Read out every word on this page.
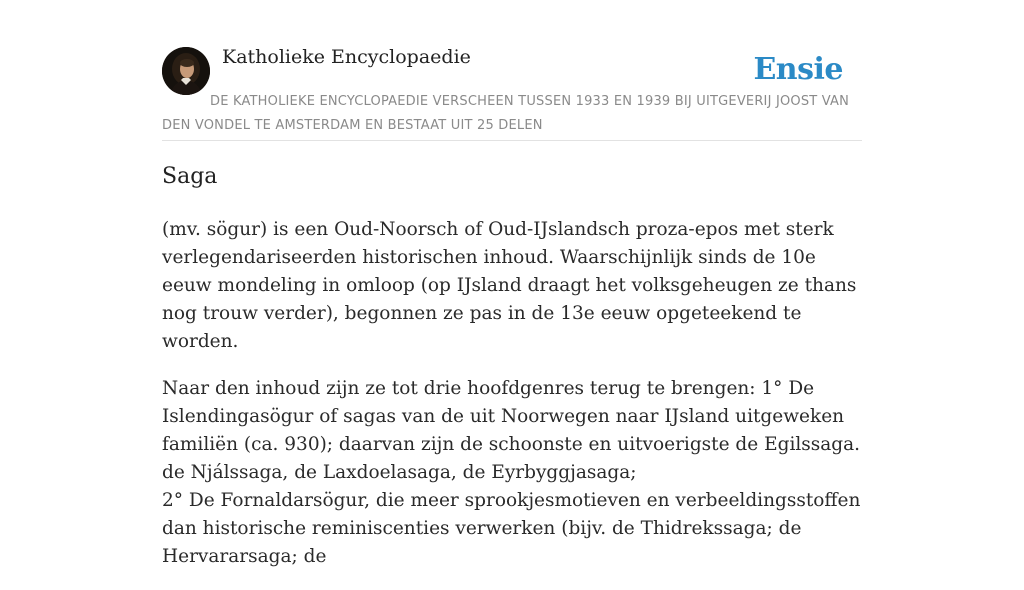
Katholieke Encyclopaedie	Ensie
DE KATHOLIEKE ENCYCLOPAEDIE VERSCHEEN TUSSEN 1933 EN 1939 BIJ UITGEVERIJ JOOST VAN DEN VONDEL TE AMSTERDAM EN BESTAAT UIT 25 DELEN
Saga

(mv. sögur) is een Oud-Noorsch of Oud-IJslandsch proza-epos met sterk verlegendariseerden historischen inhoud. Waarschijnlijk sinds de 10e eeuw mondeling in omloop (op IJsland draagt het volksgeheugen ze thans nog trouw verder), begonnen ze pas in de 13e eeuw opgeteekend te worden.

Naar den inhoud zijn ze tot drie hoofdgenres terug te brengen: 1° De Islendingasögur of sagas van de uit Noorwegen naar IJsland uitgeweken familiën (ca. 930); daarvan zijn de schoonste en uitvoerigste de Egilssaga. de Njálssaga, de Laxdoelasaga, de Eyrbyggjasaga;
2° De Fornaldarsögur, die meer sprookjesmotieven en verbeeldingsstoffen dan historische reminiscenties verwerken (bijv. de Thidrekssaga; de Hervararsaga; de
